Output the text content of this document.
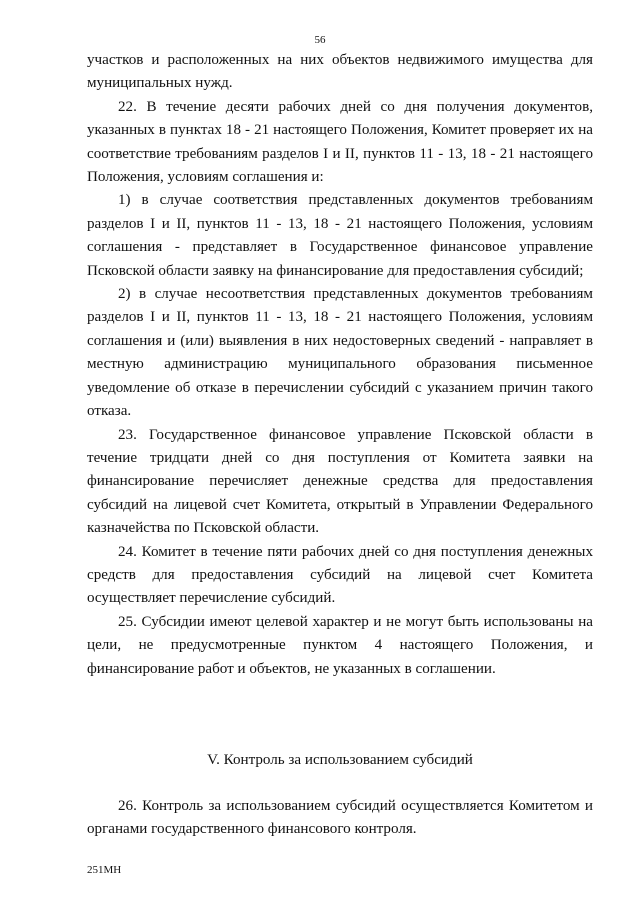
56

участков и расположенных на них объектов недвижимого имущества для муниципальных нужд.

22. В течение десяти рабочих дней со дня получения документов, указанных в пунктах 18 - 21 настоящего Положения, Комитет проверяет их на соответствие требованиям разделов I и II, пунктов 11 - 13, 18 - 21 настоящего Положения, условиям соглашения и:

1) в случае соответствия представленных документов требованиям разделов I и II, пунктов 11 - 13, 18 - 21 настоящего Положения, условиям соглашения - представляет в Государственное финансовое управление Псковской области заявку на финансирование для предоставления субсидий;

2) в случае несоответствия представленных документов требованиям разделов I и II, пунктов 11 - 13, 18 - 21 настоящего Положения, условиям соглашения и (или) выявления в них недостоверных сведений - направляет в местную администрацию муниципального образования письменное уведомление об отказе в перечислении субсидий с указанием причин такого отказа.

23. Государственное финансовое управление Псковской области в течение тридцати дней со дня поступления от Комитета заявки на финансирование перечисляет денежные средства для предоставления субсидий на лицевой счет Комитета, открытый в Управлении Федерального казначейства по Псковской области.

24. Комитет в течение пяти рабочих дней со дня поступления денежных средств для предоставления субсидий на лицевой счет Комитета осуществляет перечисление субсидий.

25. Субсидии имеют целевой характер и не могут быть использованы на цели, не предусмотренные пунктом 4 настоящего Положения, и финансирование работ и объектов, не указанных в соглашении.

V. Контроль за использованием субсидий

26. Контроль за использованием субсидий осуществляется Комитетом и органами государственного финансового контроля.

251МН
